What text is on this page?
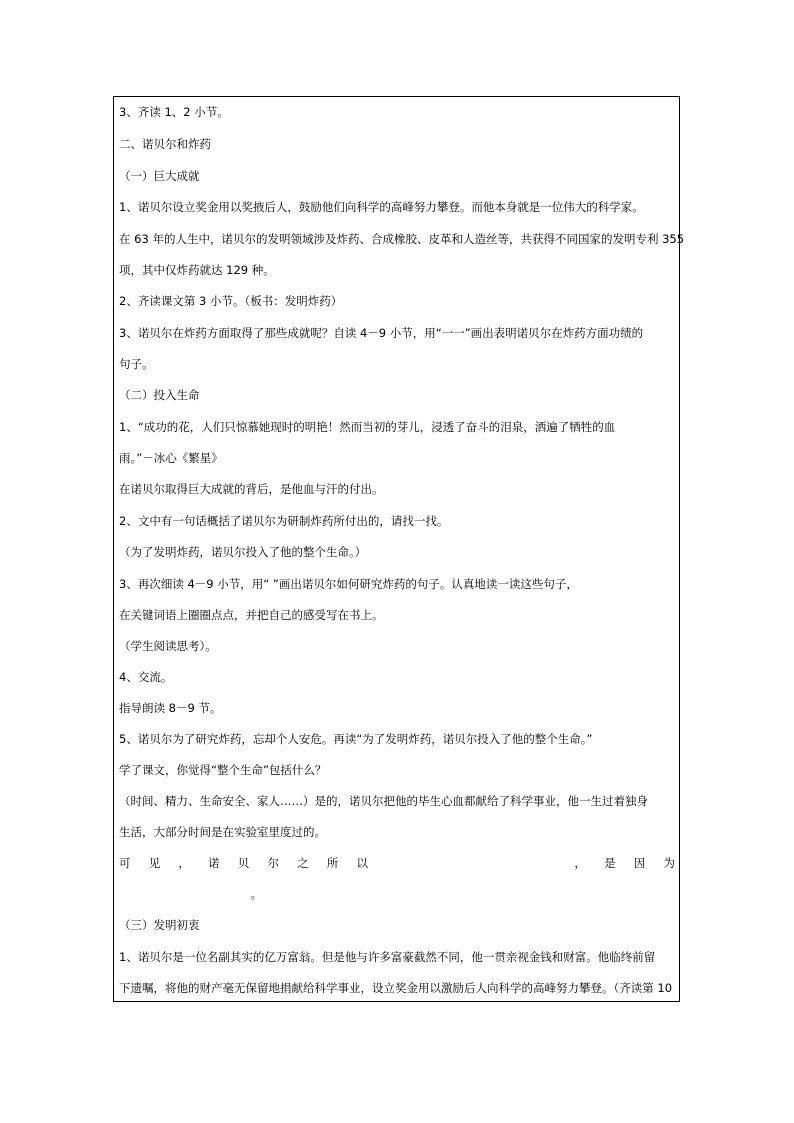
3、齐读 1、2 小节。
二、诺贝尔和炸药
（一）巨大成就
1、诺贝尔设立奖金用以奖掖后人，鼓励他们向科学的高峰努力攀登。而他本身就是一位伟大的科学家。
在 63 年的人生中，诺贝尔的发明领域涉及炸药、合成橡胶、皮革和人造丝等，共获得不同国家的发明专利 355
项，其中仅炸药就达 129 种。
2、齐读课文第 3 小节。（板书：发明炸药）
3、诺贝尔在炸药方面取得了那些成就呢？自读 4－9 小节，用“一一”画出表明诺贝尔在炸药方面功绩的
句子。
（二）投入生命
1、“成功的花，人们只惊慕她现时的明艳！然而当初的芽儿，浸透了奋斗的泪泉，洒遍了牺牲的血
雨。”－冰心《繁星》
在诺贝尔取得巨大成就的背后，是他血与汗的付出。
2、文中有一句话概括了诺贝尔为研制炸药所付出的，请找一找。
（为了发明炸药，诺贝尔投入了他的整个生命。）
3、再次细读 4－9 小节，用“ ”画出诺贝尔如何研究炸药的句子。认真地读一读这些句子，
在关键词语上圈圈点点，并把自己的感受写在书上。
（学生阅读思考）。
4、交流。
指导朗读 8－9 节。
5、诺贝尔为了研究炸药，忘却个人安危。再读“为了发明炸药，诺贝尔投入了他的整个生命。”
学了课文，你觉得“整个生命”包括什么？
（时间、精力、生命安全、家人……）是的，诺贝尔把他的毕生心血都献给了科学事业，他一生过着独身
生活，大部分时间是在实验室里度过的。
可 见 ， 诺 贝 尔 之 所 以	， 是 因 为
。
（三）发明初衷
1、诺贝尔是一位名副其实的亿万富翁。但是他与许多富豪截然不同，他一贯亲视金钱和财富。他临终前留
下遗嘱，将他的财产毫无保留地捐献给科学事业，设立奖金用以激励后人向科学的高峰努力攀登。（齐读第 10
